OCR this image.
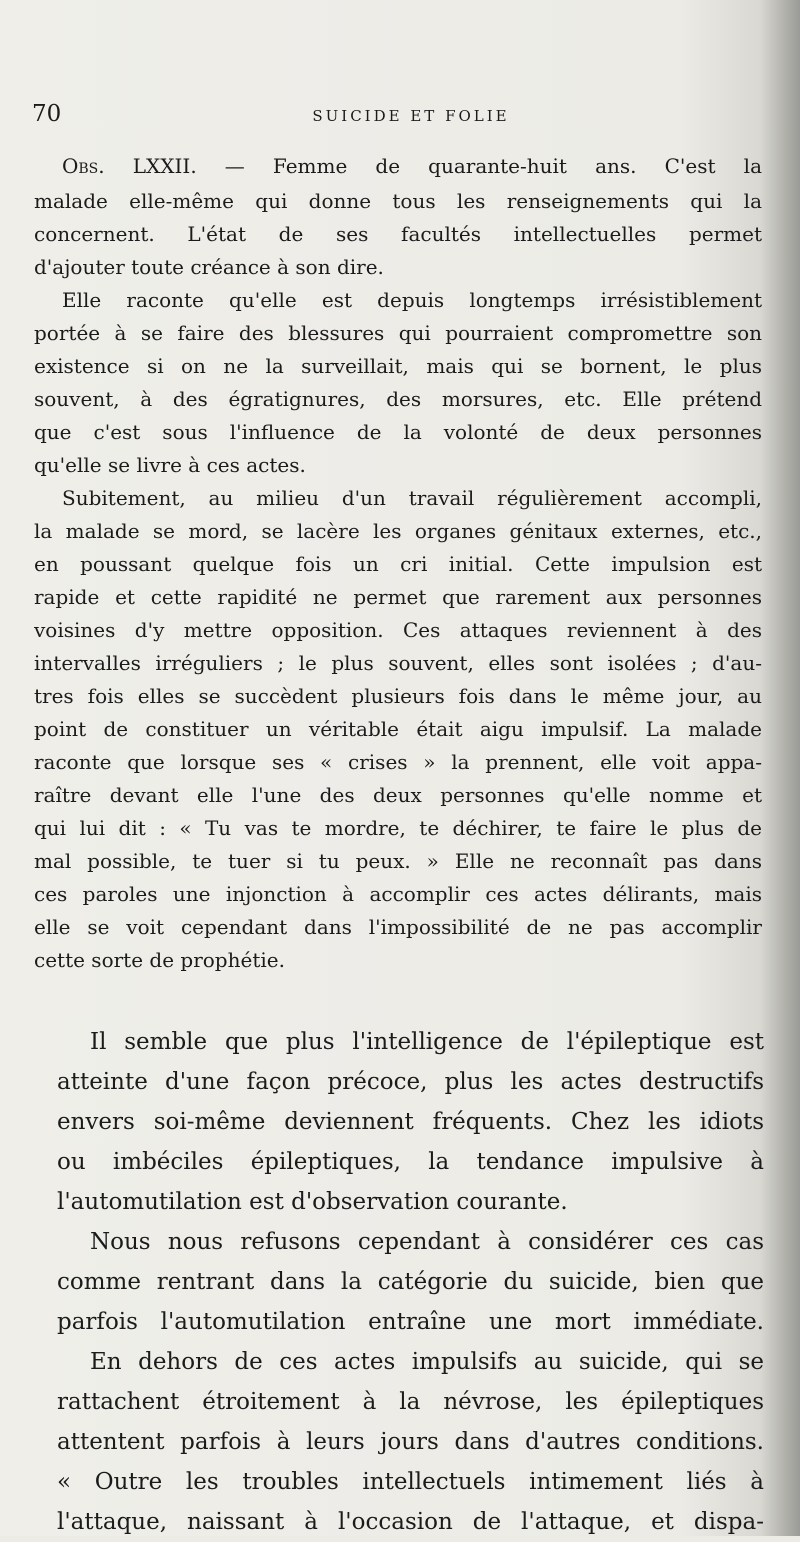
70	SUICIDE ET FOLIE
Obs. LXXII. — Femme de quarante-huit ans. C'est la
malade elle-même qui donne tous les renseignements qui la
concernent. L'état de ses facultés intellectuelles permet
d'ajouter toute créance à son dire.
Elle raconte qu'elle est depuis longtemps irrésistiblement
portée à se faire des blessures qui pourraient compromettre son
existence si on ne la surveillait, mais qui se bornent, le plus
souvent, à des égratignures, des morsures, etc. Elle prétend
que c'est sous l'influence de la volonté de deux personnes
qu'elle se livre à ces actes.
Subitement, au milieu d'un travail régulièrement accompli,
la malade se mord, se lacère les organes génitaux externes, etc.,
en poussant quelque fois un cri initial. Cette impulsion est
rapide et cette rapidité ne permet que rarement aux personnes
voisines d'y mettre opposition. Ces attaques reviennent à des
intervalles irréguliers ; le plus souvent, elles sont isolées ; d'au-
tres fois elles se succèdent plusieurs fois dans le même jour, au
point de constituer un véritable était aigu impulsif. La malade
raconte que lorsque ses « crises » la prennent, elle voit appa-
raître devant elle l'une des deux personnes qu'elle nomme et
qui lui dit : « Tu vas te mordre, te déchirer, te faire le plus de
mal possible, te tuer si tu peux. » Elle ne reconnaît pas dans
ces paroles une injonction à accomplir ces actes délirants, mais
elle se voit cependant dans l'impossibilité de ne pas accomplir
cette sorte de prophétie.
Il semble que plus l'intelligence de l'épileptique est
atteinte d'une façon précoce, plus les actes destructifs
envers soi-même deviennent fréquents. Chez les idiots
ou imbéciles épileptiques, la tendance impulsive à
l'automutilation est d'observation courante.
Nous nous refusons cependant à considérer ces cas
comme rentrant dans la catégorie du suicide, bien que
parfois l'automutilation entraîne une mort immédiate.
En dehors de ces actes impulsifs au suicide, qui se
rattachent étroitement à la névrose, les épileptiques
attentent parfois à leurs jours dans d'autres conditions.
« Outre les troubles intellectuels intimement liés à
l'attaque, naissant à l'occasion de l'attaque, et dispa-
